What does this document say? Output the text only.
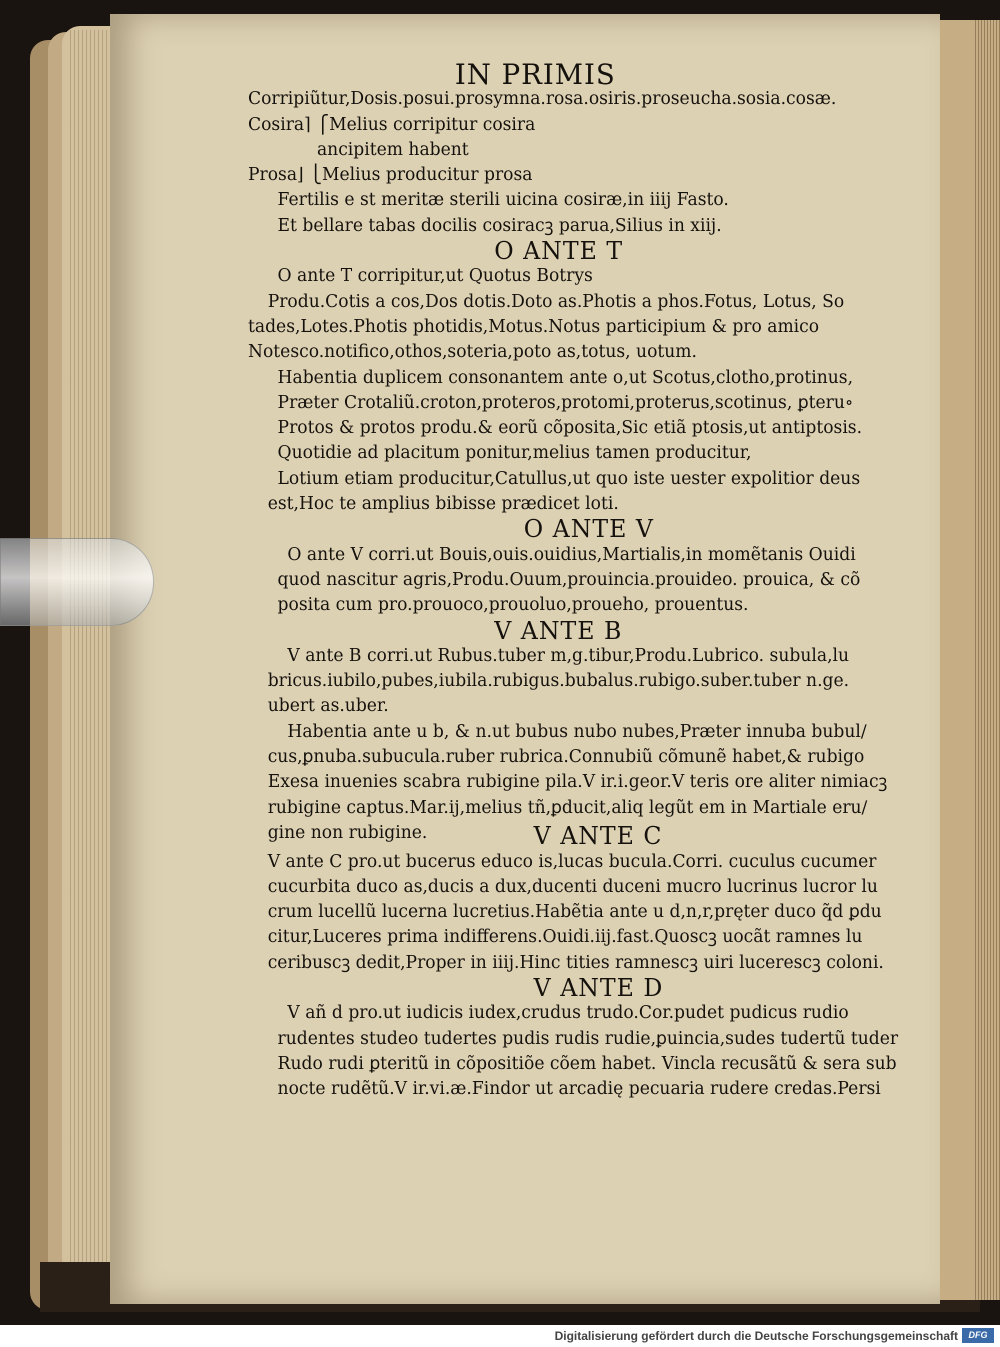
IN PRIMIS
Corripiũtur,Dosis.posui.prosymna.rosa.osiris.proseucha.sosia.cosæ.
Cosira⌉ ⎧Melius corripitur cosira
ancipitem habent
Prosa⌋ ⎩Melius producitur prosa
Fertilis e st meritæ sterili uicina cosiræ,in iiij Fasto.
Et bellare tabas docilis cosiracꝫ parua,Silius in xiij.
O ANTE T
O ante T corripitur,ut Quotus Botrys
Produ.Cotis a cos,Dos dotis.Doto as.Photis a phos.Fotus, Lotus, So
tades,Lotes.Photis photidis,Motus.Notus participium & pro amico
Notesco.notifico,othos,soteria,poto as,totus, uotum.
Habentia duplicem consonantem ante o,ut Scotus,clotho,protinus,
Præter Crotaliũ.croton,proteros,protomi,proterus,scotinus, ꝑteru∘
Protos & protos produ.& eorũ cõposita,Sic etiã ptosis,ut antiptosis.
Quotidie ad placitum ponitur,melius tamen producitur,
Lotium etiam producitur,Catullus,ut quo iste uester expolitior deus
est,Hoc te amplius bibisse prædicet loti.
O ANTE V
O ante V corri.ut Bouis,ouis.ouidius,Martialis,in momẽtanis Ouidi
quod nascitur agris,Produ.Ouum,prouincia.prouideo. prouica, & cõ
posita cum pro.prouoco,prouoluo,proueho, prouentus.
V ANTE B
V ante B corri.ut Rubus.tuber m,g.tibur,Produ.Lubrico. subula,lu
bricus.iubilo,pubes,iubila.rubigus.bubalus.rubigo.suber.tuber n.ge.
ubert as.uber.
Habentia ante u b, & n.ut bubus nubo nubes,Præter innuba bubul∕
cus,ꝑnuba.subucula.ruber rubrica.Connubiũ cõmunẽ habet,& rubigo
Exesa inuenies scabra rubigine pila.V ir.i.geor.V teris ore aliter nimiacꝫ
rubigine captus.Mar.ij,melius tñ,ꝑducit,aliq legũt em in Martiale eru∕
gine non rubigine.	V ANTE C
V ante C pro.ut bucerus educo is,lucas bucula.Corri. cuculus cucumer
cucurbita duco as,ducis a dux,ducenti duceni mucro lucrinus lucror lu
crum lucellũ lucerna lucretius.Habẽtia ante u d,n,r,pręter duco q̃d ꝑdu
citur,Luceres prima indifferens.Ouidi.iij.fast.Quoscꝫ uocãt ramnes lu
ceribuscꝫ dedit,Proper in iiij.Hinc tities ramnescꝫ uiri lucerescꝫ coloni.
V ANTE D
V añ d pro.ut iudicis iudex,crudus trudo.Cor.pudet pudicus rudio
rudentes studeo tudertes pudis rudis rudie,ꝑuincia,sudes tudertũ tuder
Rudo rudi ꝑteritũ in cõpositiõe cõem habet. Vincla recusãtũ & sera sub
nocte rudẽtũ.V ir.vi.æ.Findor ut arcadię pecuaria rudere credas.Persi
Digitalisierung gefördert durch die Deutsche Forschungsgemeinschaft	DFG
